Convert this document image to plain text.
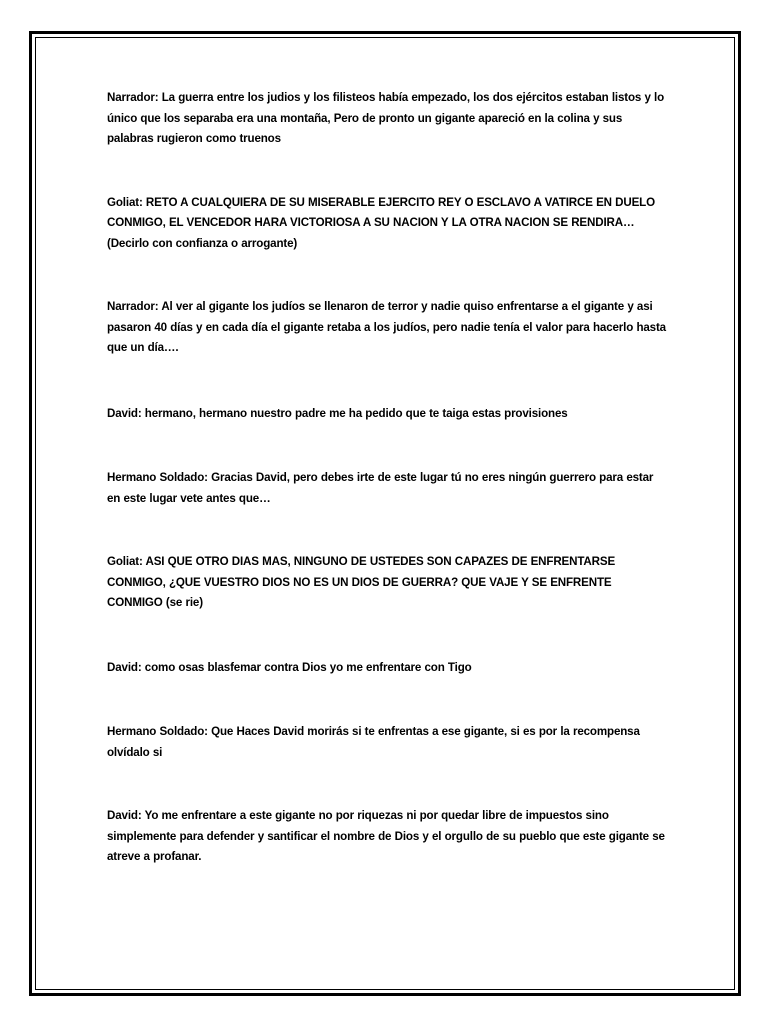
Narrador: La guerra entre los judios y los filisteos había empezado, los dos ejércitos estaban listos y lo único que los separaba era una montaña, Pero de pronto un gigante apareció en la colina y sus palabras rugieron como truenos

Goliat: RETO A CUALQUIERA DE SU MISERABLE EJERCITO REY O ESCLAVO A VATIRCE EN DUELO CONMIGO, EL VENCEDOR HARA VICTORIOSA A SU NACION Y LA OTRA NACION SE RENDIRA… (Decirlo con confianza o arrogante)

Narrador: Al ver al gigante los judíos se llenaron de terror y nadie quiso enfrentarse a el gigante y asi pasaron 40 días y en cada día el gigante retaba a los judíos, pero nadie tenía el valor para hacerlo hasta que un día….

David: hermano, hermano nuestro padre me ha pedido que te taiga estas provisiones

Hermano Soldado: Gracias David, pero debes irte de este lugar tú no eres ningún guerrero para estar en este lugar vete antes que…

Goliat: ASI QUE OTRO DIAS MAS, NINGUNO DE USTEDES SON CAPAZES DE ENFRENTARSE CONMIGO, ¿QUE VUESTRO DIOS NO ES UN DIOS DE GUERRA? QUE VAJE Y SE ENFRENTE CONMIGO (se rie)

David: como osas blasfemar contra Dios yo me enfrentare con Tigo

Hermano Soldado: Que Haces David morirás si te enfrentas a ese gigante, si es por la recompensa olvídalo si

David: Yo me enfrentare a este gigante no por riquezas ni por quedar libre de impuestos sino simplemente para defender y santificar el nombre de Dios y el orgullo de su pueblo que este gigante se atreve a profanar.
